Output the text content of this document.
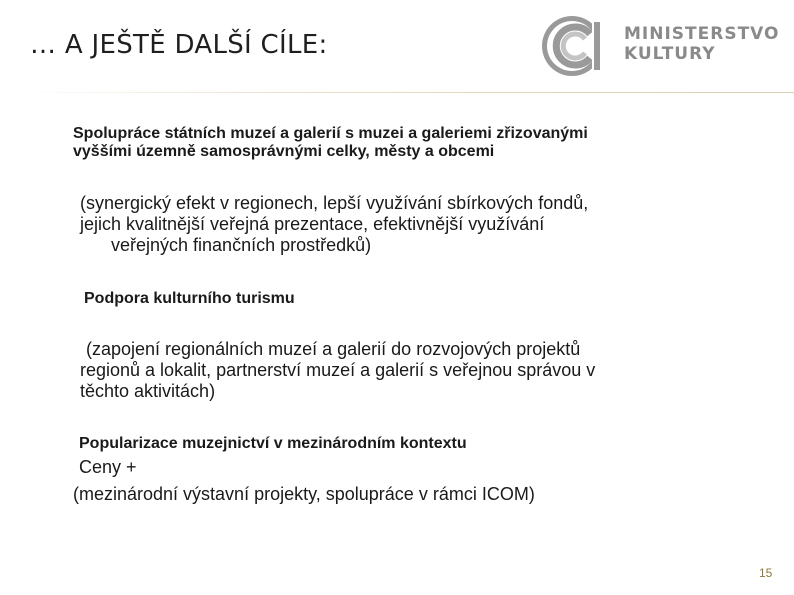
… A JEŠTĚ DALŠÍ CÍLE:	MINISTERSTVO
KULTURY
Spolupráce státních muzeí a galerií s muzei a galeriemi zřizovanými
vyššími územně samosprávnými celky, městy a obcemi
(synergický efekt v regionech, lepší využívání sbírkových fondů,
jejich kvalitnější veřejná prezentace, efektivnější využívání
veřejných finančních prostředků)
Podpora kulturního turismu
(zapojení regionálních muzeí a galerií do rozvojových projektů
regionů a lokalit, partnerství muzeí a galerií s veřejnou správou v
těchto aktivitách)
Popularizace muzejnictví v mezinárodním kontextu
Ceny +
(mezinárodní výstavní projekty, spolupráce v rámci ICOM)
15
